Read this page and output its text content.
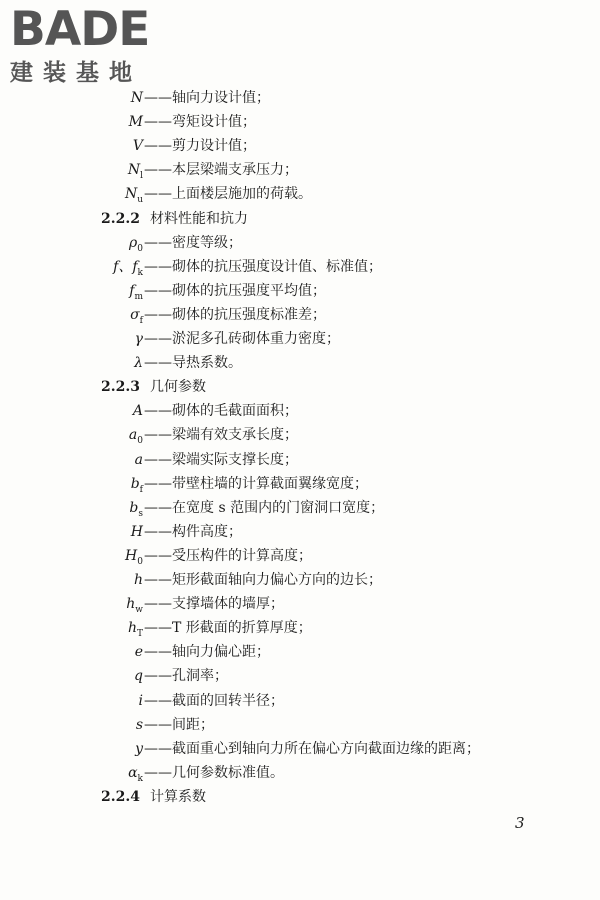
BADE
建装基地
N ——轴向力设计值；
M ——弯矩设计值；
V ——剪力设计值；
$N_l$ ——本层梁端支承压力；
$N_u$ ——上面楼层施加的荷载。
2.2.2 材料性能和抗力
$\rho_0$ ——密度等级；
f、$f_k$ ——砌体的抗压强度设计值、标准值；
$f_m$ ——砌体的抗压强度平均值；
$\sigma_f$ ——砌体的抗压强度标准差；
γ ——淤泥多孔砖砌体重力密度；
λ ——导热系数。
2.2.3 几何参数
A ——砌体的毛截面面积；
$a_0$ ——梁端有效支承长度；
a ——梁端实际支撑长度；
$b_f$ ——带壁柱墙的计算截面翼缘宽度；
$b_s$ ——在宽度 s 范围内的门窗洞口宽度；
H ——构件高度；
$H_0$ ——受压构件的计算高度；
h ——矩形截面轴向力偏心方向的边长；
$h_w$ ——支撑墙体的墙厚；
$h_T$ ——T 形截面的折算厚度；
e ——轴向力偏心距；
q ——孔洞率；
i ——截面的回转半径；
s ——间距；
y ——截面重心到轴向力所在偏心方向截面边缘的距离；
$\alpha_k$ ——几何参数标准值。
2.2.4 计算系数
3
